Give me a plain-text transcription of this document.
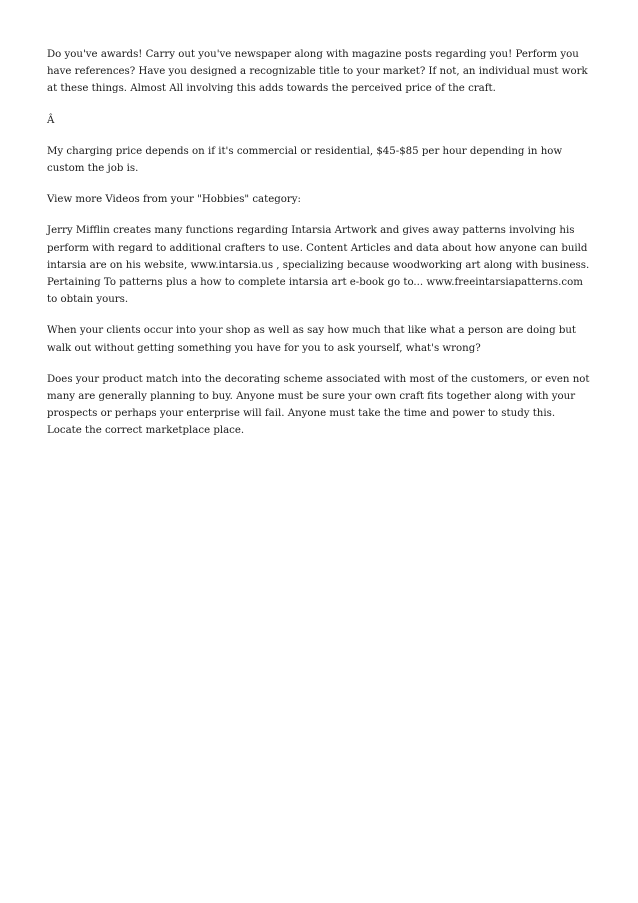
Do you've awards! Carry out you've newspaper along with magazine posts regarding you! Perform you have references? Have you designed a recognizable title to your market? If not, an individual must work at these things. Almost All involving this adds towards the perceived price of the craft.

Â

My charging price depends on if it's commercial or residential, $45-$85 per hour depending in how custom the job is.

View more Videos from your "Hobbies" category:

Jerry Mifflin creates many functions regarding Intarsia Artwork and gives away patterns involving his perform with regard to additional crafters to use. Content Articles and data about how anyone can build intarsia are on his website, www.intarsia.us , specializing because woodworking art along with business. Pertaining To patterns plus a how to complete intarsia art e-book go to... www.freeintarsiapatterns.com to obtain yours.

When your clients occur into your shop as well as say how much that like what a person are doing but walk out without getting something you have for you to ask yourself, what's wrong?

Does your product match into the decorating scheme associated with most of the customers, or even not many are generally planning to buy. Anyone must be sure your own craft fits together along with your prospects or perhaps your enterprise will fail. Anyone must take the time and power to study this. Locate the correct marketplace place.
